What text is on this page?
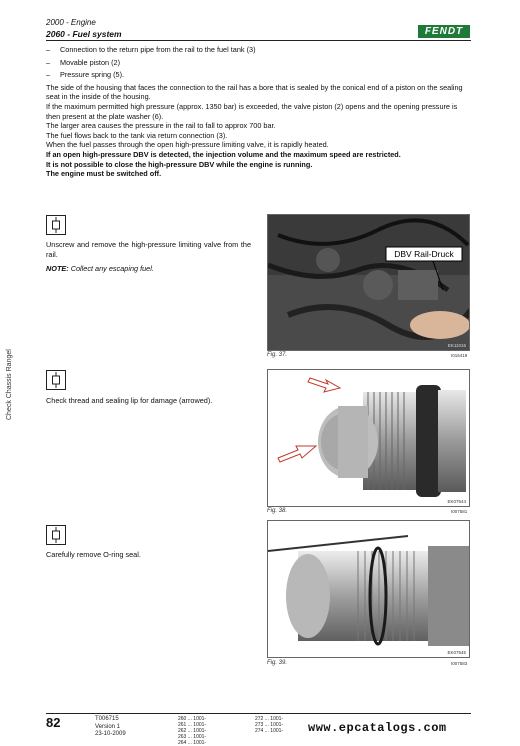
2000 - Engine
2060 - Fuel system	FENDT
Check Chassis Rangel
–	Connection to the return pipe from the rail to the fuel tank (3)
–	Movable piston (2)
–	Pressure spring (5).

The side of the housing that faces the connection to the rail has a bore that is sealed by the conical end of a piston on the sealing seat in the inside of the housing.

If the maximum permitted high pressure (approx. 1350 bar) is exceeded, the valve piston (2) opens and the opening pressure is then present at the plate washer (6).

The larger area causes the pressure in the rail to fall to approx 700 bar.

The fuel flows back to the tank via return connection (3).

When the fuel passes through the open high-pressure limiting valve, it is rapidly heated.

If an open high-pressure DBV is detected, the injection volume and the maximum speed are restricted.

It is not possible to close the high-pressure DBV while the engine is running.

The engine must be switched off.

Unscrew and remove the high-pressure limiting valve from the rail.
NOTE: Collect any escaping fuel.
DBV Rail-Druck
EK11016
Fig. 37.	I016419
Check thread and sealing lip for damage (arrowed).
EK07544
Fig. 38.	I007581
Carefully remove O-ring seal.
EK07545
Fig. 39.	I007583
82	T006715
Version 1
23-10-2009
260 ... 1001-
261 ... 1001-
262 ... 1001-
263 ... 1001-
264 ... 1001-
272 ... 1001-
273 ... 1001-
274 ... 1001- www.epcatalogs.com
